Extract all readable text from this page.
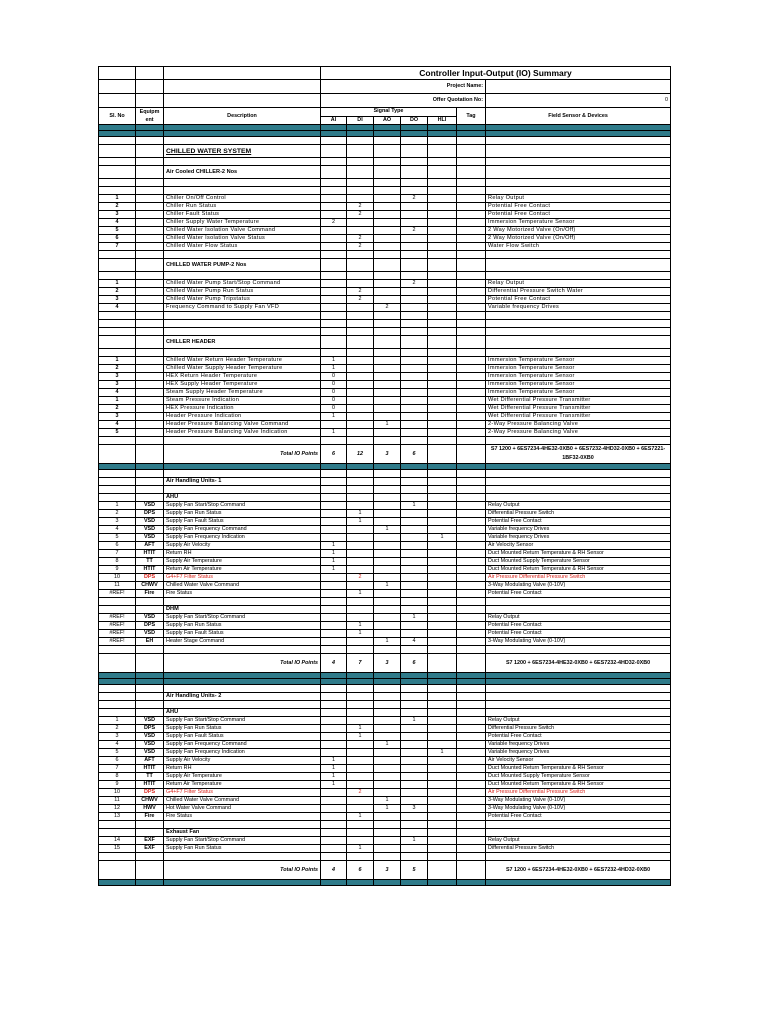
			Controller Input-Output (IO) Summary						
			Project Name:						
			Offer Quotation No:						0
Sl. No	Equipm ent	Description	Signal Type					Tag	Field Sensor & Devices
			AI	DI	AO	DO	HLI		

		CHILLED WATER SYSTEM							

		Air Cooled CHILLER-2 Nos							

1		Chiller On/Off Control				2			Relay Output
2		Chiller Run Status		2					Potential Free Contact
3		Chiller Fault Status		2					Potential Free Contact
4		Chiller Supply Water Temperature	2						Immersion Temperature Sensor
5		Chilled Water Isolation Valve Command				2			2 Way Motorized Valve (On/Off)
6		Chilled Water Isolation Valve Status		2					2 Way Motorized Valve (On/Off)
7		Chilled Water Flow Status		2					Water Flow Switch

		CHILLED WATER PUMP-2 Nos							

1		Chilled Water Pump Start/Stop Command				2			Relay Output
2		Chilled Water Pump Run Status		2					Differential Pressure Switch Water
3		Chilled Water Pump Tripstatus		2					Potential Free Contact
4		Frequency Command to Supply Fan VFD			2				Variable frequency Drives

		CHILLER HEADER							

1		Chilled Water Return Header Temperature	1						Immersion Temperature Sensor
2		Chilled Water Supply Header Temperature	1						Immersion Temperature Sensor
3		HEX Return Header Temperature	0						Immersion Temperature Sensor
3		HEX Supply Header Temperature	0						Immersion Temperature Sensor
4		Steam Supply Header Temperature	0						Immersion Temperature Sensor
1		Steam Pressure Indication	0						Wet Differential Pressure Transmitter
2		HEX Pressure Indication	0						Wet Differential Pressure Transmitter
3		Header Pressure Indication	1						Wet Differential Pressure Transmitter
4		Header Pressure Balancing Valve Command			1				2-Way Pressure Balancing Valve
5		Header Pressure Balancing Valve Indication	1						2-Way Pressure Balancing Valve

		Total IO Points	6	12	3	6			S7 1200 + 6ES7234-4HE32-0XB0 + 6ES7232-4HD32-0XB0 + 6ES7221-1BF32-0XB0

		Air Handling Units- 1							

		AHU							
1	VSD	Supply Fan Start/Stop Command				1			Relay Output
2	DPS	Supply Fan Run Status		1					Differential Pressure Switch
3	VSD	Supply Fan Fault Status		1					Potential Free Contact
4	VSD	Supply Fan Frequency Command			1				Variable frequency Drives
5	VSD	Supply Fan Frequency Indication					1		Variable frequency Drives
6	AFT	Supply Air Velocity	1						Air Velocity Sensor
7	HTIT	Return RH	1						Duct Mounted Return Temperature & RH Sensor
8	TT	Supply Air Temperature	1						Duct Mounted Supply Temperature Sensor
9	HTIT	Return Air Temperature	1						Duct Mounted Return Temperature & RH Sensor
10	DPS	G4+F7 Filter Status		2					Air Pressure Differential Pressure Switch
11	CHWV	Chilled Water Valve Command			1				3-Way Modulating Valve (0-10V)
#REF!	Fire	Fire Status		1					Potential Free Contact

		DHM							
#REF!	VSD	Supply Fan Start/Stop Command				1			Relay Output
#REF!	DPS	Supply Fan Run Status		1					Potential Free Contact
#REF!	VSD	Supply Fan Fault Status		1					Potential Free Contact
#REF!	EH	Heater Stage Command			1	4			3-Way Modulating Valve (0-10V)

		Total IO Points	4	7	3	6			S7 1200 + 6ES7234-4HE32-0XB0 + 6ES7232-4HD32-0XB0

		Air Handling Units- 2							

		AHU							
1	VSD	Supply Fan Start/Stop Command				1			Relay Output
2	DPS	Supply Fan Run Status		1					Differential Pressure Switch
3	VSD	Supply Fan Fault Status		1					Potential Free Contact
4	VSD	Supply Fan Frequency Command			1				Variable frequency Drives
5	VSD	Supply Fan Frequency Indication					1		Variable frequency Drives
6	AFT	Supply Air Velocity	1						Air Velocity Sensor
7	HTIT	Return RH	1						Duct Mounted Return Temperature & RH Sensor
8	TT	Supply Air Temperature	1						Duct Mounted Supply Temperature Sensor
9	HTIT	Return Air Temperature	1						Duct Mounted Return Temperature & RH Sensor
10	DPS	G4+F7 Filter Status		2					Air Pressure Differential Pressure Switch
11	CHWV	Chilled Water Valve Command			1				3-Way Modulating Valve (0-10V)
12	HWV	Hot Water Valve Command			1	3			3-Way Modulating Valve (0-10V)
13	Fire	Fire Status		1					Potential Free Contact

		Exhaust Fan							
14	EXF	Supply Fan Start/Stop Command				1			Relay Output
15	EXF	Supply Fan Run Status		1					Differential Pressure Switch

		Total IO Points	4	6	3	5			S7 1200 + 6ES7234-4HE32-0XB0 + 6ES7232-4HD32-0XB0
